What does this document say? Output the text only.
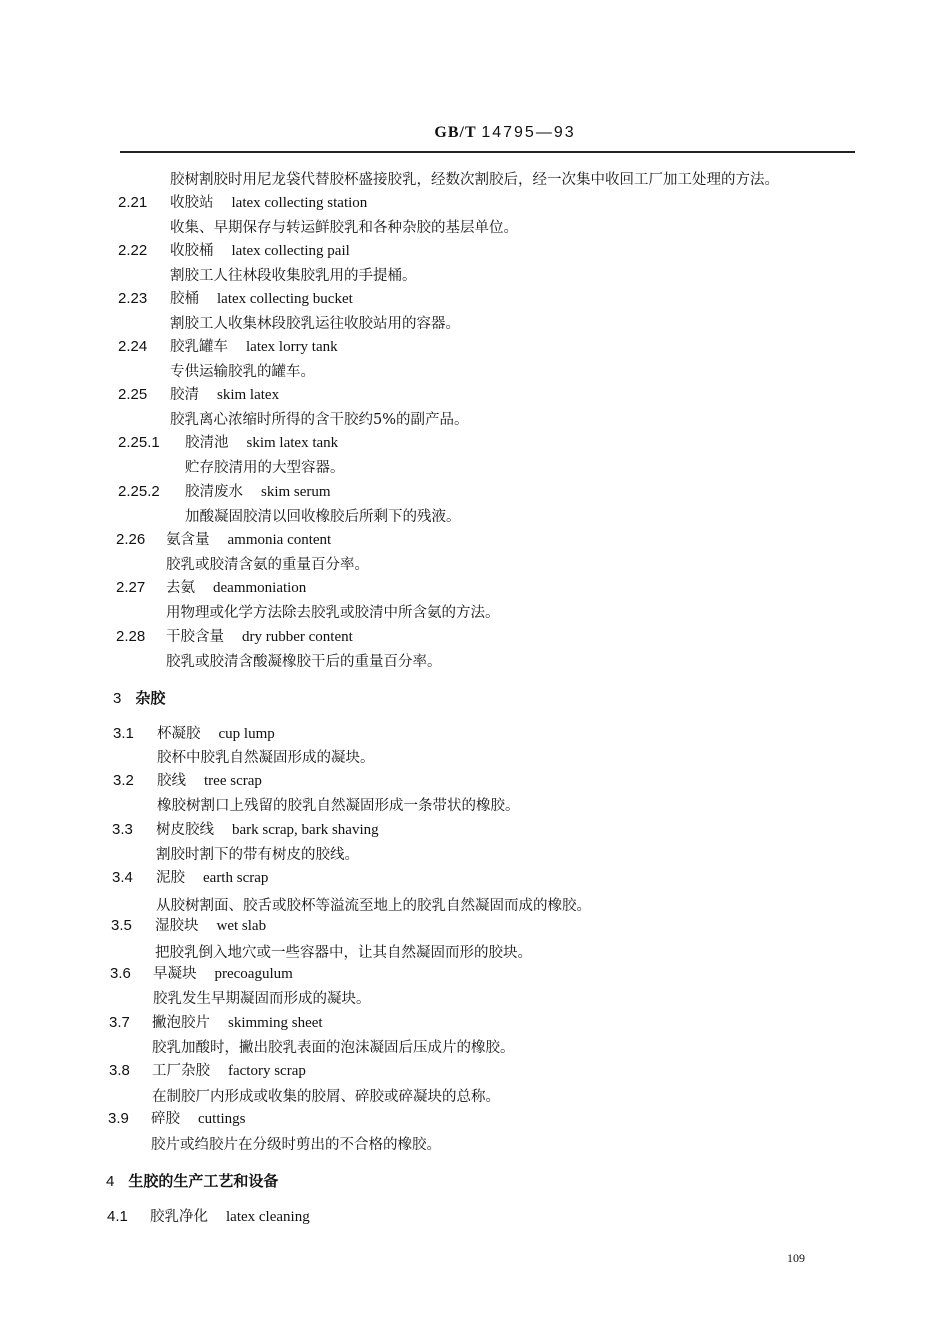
GB/T 14795—93
胶树割胶时用尼龙袋代替胶杯盛接胶乳，经数次割胶后，经一次集中收回工厂加工处理的方法。
2.21 收胶站 latex collecting station
收集、早期保存与转运鲜胶乳和各种杂胶的基层单位。
2.22 收胶桶 latex collecting pail
割胶工人往林段收集胶乳用的手提桶。
2.23 胶桶 latex collecting bucket
割胶工人收集林段胶乳运往收胶站用的容器。
2.24 胶乳罐车 latex lorry tank
专供运输胶乳的罐车。
2.25 胶清 skim latex
胶乳离心浓缩时所得的含干胶约5%的副产品。
2.25.1 胶清池 skim latex tank
贮存胶清用的大型容器。
2.25.2 胶清废水 skim serum
加酸凝固胶清以回收橡胶后所剩下的残液。
2.26 氨含量 ammonia content
胶乳或胶清含氨的重量百分率。
2.27 去氨 deammoniation
用物理或化学方法除去胶乳或胶清中所含氨的方法。
2.28 干胶含量 dry rubber content
胶乳或胶清含酸凝橡胶干后的重量百分率。
3.1 杯凝胶 cup lump
胶杯中胶乳自然凝固形成的凝块。
3.2 胶线 tree scrap
橡胶树割口上残留的胶乳自然凝固形成一条带状的橡胶。
3.3 树皮胶线 bark scrap, bark shaving
割胶时割下的带有树皮的胶线。
3.4 泥胶 earth scrap
从胶树割面、胶舌或胶杯等溢流至地上的胶乳自然凝固而成的橡胶。
3.5 湿胶块 wet slab
把胶乳倒入地穴或一些容器中，让其自然凝固而形的胶块。
3.6 早凝块 precoagulum
胶乳发生早期凝固而形成的凝块。
3.7 撇泡胶片 skimming sheet
胶乳加酸时，撇出胶乳表面的泡沫凝固后压成片的橡胶。
3.8 工厂杂胶 factory scrap
在制胶厂内形成或收集的胶屑、碎胶或碎凝块的总称。
3.9 碎胶 cuttings
胶片或绉胶片在分级时剪出的不合格的橡胶。
4.1 胶乳净化 latex cleaning
3 杂胶
4 生胶的生产工艺和设备
109
